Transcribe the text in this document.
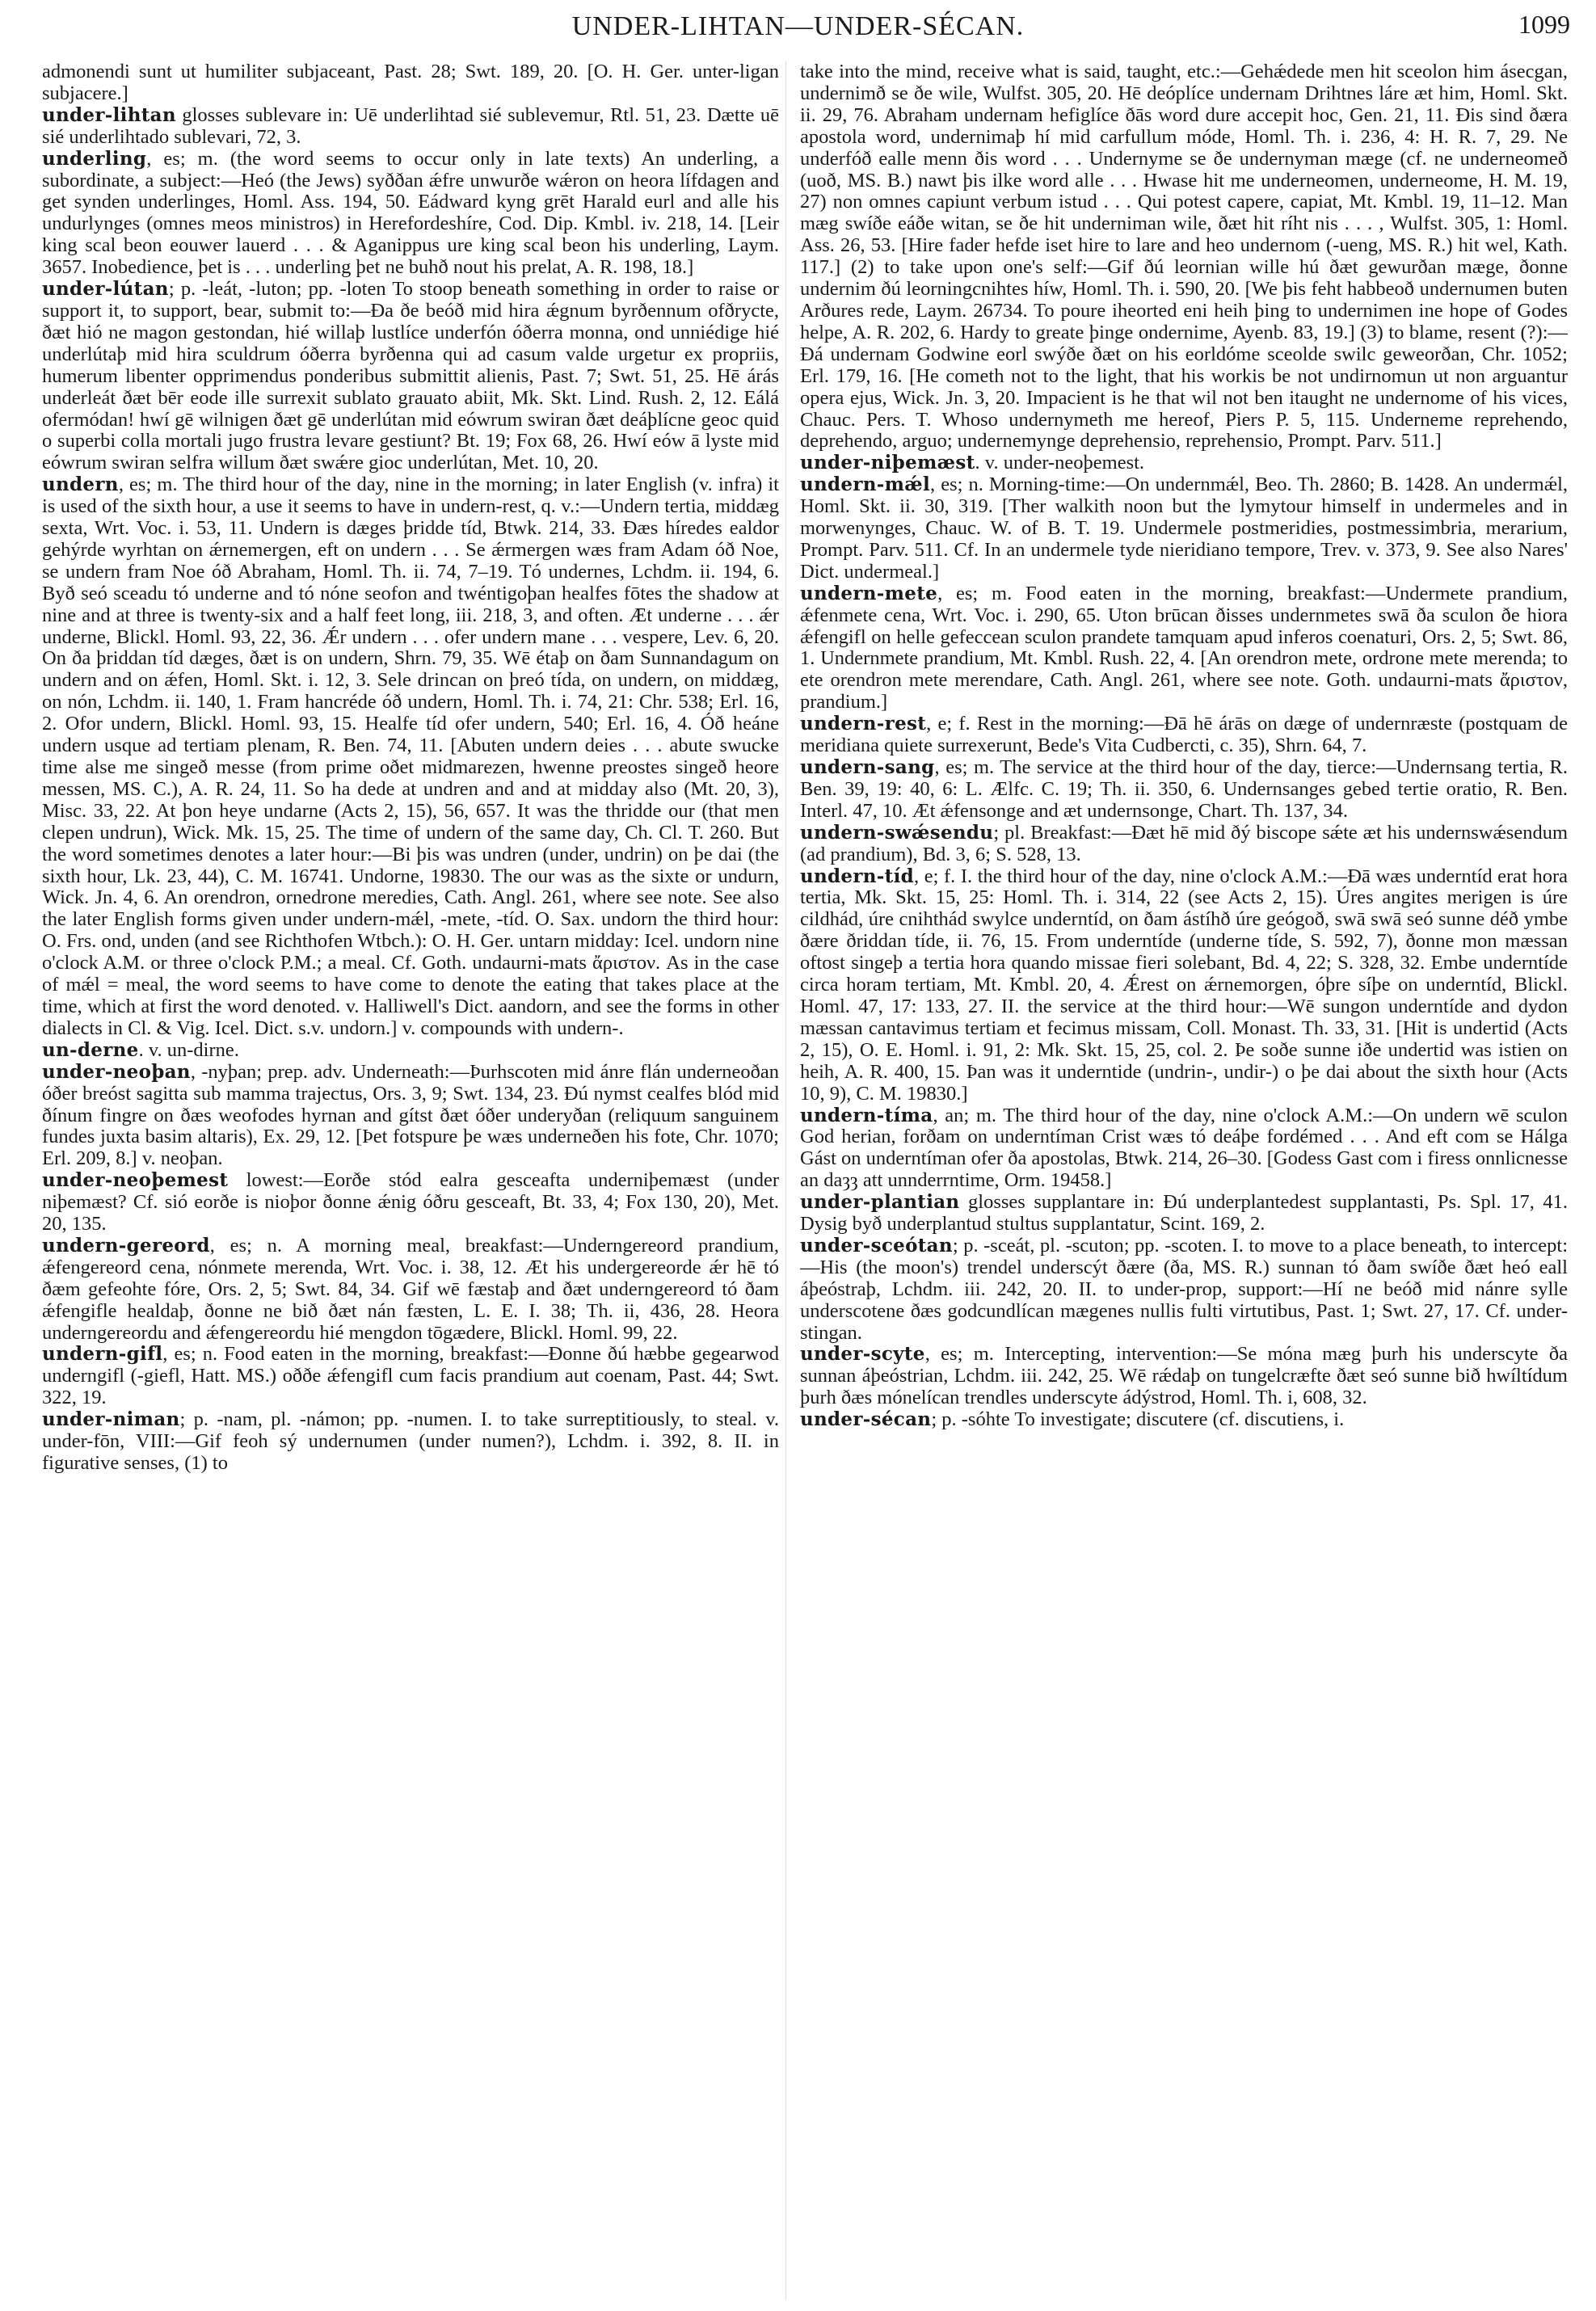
UNDER-LIHTAN—UNDER-SÉCAN.	1099

admonendi sunt ut humiliter subjaceant, Past. 28; Swt. 189, 20. [O. H. Ger. unter-ligan subjacere.]

under-lihtan glosses sublevare in: Uē underlihtad sié sublevemur, Rtl. 51, 23. Dætte uē sié underlihtado sublevari, 72, 3.

underling, es; m. (the word seems to occur only in late texts) An underling, a subordinate, a subject:—Heó (the Jews) syððan ǽfre unwurðe wǽron on heora lífdagen and get synden underlinges, Homl. Ass. 194, 50. Eádward kyng grēt Harald eurl and alle his undurlynges (omnes meos ministros) in Herefordeshíre, Cod. Dip. Kmbl. iv. 218, 14. [Leir king scal beon eouwer lauerd . . . & Aganippus ure king scal beon his underling, Laym. 3657. Inobedience, þet is . . . underling þet ne buhð nout his prelat, A. R. 198, 18.]

under-lútan; p. -leát, -luton; pp. -loten To stoop beneath something in order to raise or support it, to support, bear, submit to:—Ða ðe beóð mid hira ǽgnum byrðennum ofðrycte, ðæt hió ne magon gestondan, hié willaþ lustlíce underfón óðerra monna, ond unniédige hié underlútaþ mid hira sculdrum óðerra byrðenna qui ad casum valde urgetur ex propriis, humerum libenter opprimendus ponderibus submittit alienis, Past. 7; Swt. 51, 25. Hē árás underleát ðæt bēr eode ille surrexit sublato grauato abiit, Mk. Skt. Lind. Rush. 2, 12. Eálá ofermódan! hwí gē wilnigen ðæt gē underlútan mid eówrum swiran ðæt deáþlícne geoc quid o superbi colla mortali jugo frustra levare gestiunt? Bt. 19; Fox 68, 26. Hwí eów ā lyste mid eówrum swiran selfra willum ðæt swǽre gioc underlútan, Met. 10, 20.

undern, es; m. The third hour of the day, nine in the morning; in later English (v. infra) it is used of the sixth hour, a use it seems to have in undern-rest, q. v.:—Undern tertia, middæg sexta, Wrt. Voc. i. 53, 11. Undern is dæges þridde tíd, Btwk. 214, 33. Ðæs híredes ealdor gehýrde wyrhtan on ǽrnemergen, eft on undern . . . Se ǽrmergen wæs fram Adam óð Noe, se undern fram Noe óð Abraham, Homl. Th. ii. 74, 7–19. Tó undernes, Lchdm. ii. 194, 6. Byð seó sceadu tó underne and tó nóne seofon and twéntigoþan healfes fōtes the shadow at nine and at three is twenty-six and a half feet long, iii. 218, 3, and often. Æt underne . . . ǽr underne, Blickl. Homl. 93, 22, 36. Ǽr undern . . . ofer undern mane . . . vespere, Lev. 6, 20. On ða þriddan tíd dæges, ðæt is on undern, Shrn. 79, 35. Wē étaþ on ðam Sunnandagum on undern and on ǽfen, Homl. Skt. i. 12, 3. Sele drincan on þreó tída, on undern, on middæg, on nón, Lchdm. ii. 140, 1. Fram hancréde óð undern, Homl. Th. i. 74, 21: Chr. 538; Erl. 16, 2. Ofor undern, Blickl. Homl. 93, 15. Healfe tíd ofer undern, 540; Erl. 16, 4. Óð heáne undern usque ad tertiam plenam, R. Ben. 74, 11. [Abuten undern deies . . . abute swucke time alse me singeð messe (from prime oðet midmarezen, hwenne preostes singeð heore messen, MS. C.), A. R. 24, 11. So ha dede at undren and and at midday also (Mt. 20, 3), Misc. 33, 22. At þon heye undarne (Acts 2, 15), 56, 657. It was the thridde our (that men clepen undrun), Wick. Mk. 15, 25. The time of undern of the same day, Ch. Cl. T. 260. But the word sometimes denotes a later hour:—Bi þis was undren (under, undrin) on þe dai (the sixth hour, Lk. 23, 44), C. M. 16741. Undorne, 19830. The our was as the sixte or undurn, Wick. Jn. 4, 6. An orendron, ornedrone meredies, Cath. Angl. 261, where see note. See also the later English forms given under undern-mǽl, -mete, -tíd. O. Sax. undorn the third hour: O. Frs. ond, unden (and see Richthofen Wtbch.): O. H. Ger. untarn midday: Icel. undorn nine o'clock A.M. or three o'clock P.M.; a meal. Cf. Goth. undaurni-mats ἄριστον. As in the case of mǽl = meal, the word seems to have come to denote the eating that takes place at the time, which at first the word denoted. v. Halliwell's Dict. aandorn, and see the forms in other dialects in Cl. & Vig. Icel. Dict. s.v. undorn.] v. compounds with undern-.

un-derne. v. un-dirne.

under-neoþan, -nyþan; prep. adv. Underneath:—Þurhscoten mid ánre flán underneoðan óðer breóst sagitta sub mamma trajectus, Ors. 3, 9; Swt. 134, 23. Ðú nymst cealfes blód mid ðínum fingre on ðæs weofodes hyrnan and gítst ðæt óðer underyðan (reliquum sanguinem fundes juxta basim altaris), Ex. 29, 12. [Þet fotspure þe wæs underneðen his fote, Chr. 1070; Erl. 209, 8.] v. neoþan.

under-neoþemest lowest:—Eorðe stód ealra gesceafta underniþemæst (under niþemæst? Cf. sió eorðe is nioþor ðonne ǽnig óðru gesceaft, Bt. 33, 4; Fox 130, 20), Met. 20, 135.

undern-gereord, es; n. A morning meal, breakfast:—Underngereord prandium, ǽfengereord cena, nónmete merenda, Wrt. Voc. i. 38, 12. Æt his undergereorde ǽr hē tó ðæm gefeohte fóre, Ors. 2, 5; Swt. 84, 34. Gif wē fæstaþ and ðæt underngereord tó ðam ǽfengifle healdaþ, ðonne ne bið ðæt nán fæsten, L. E. I. 38; Th. ii, 436, 28. Heora underngereordu and ǽfengereordu hié mengdon tōgædere, Blickl. Homl. 99, 22.

undern-gifl, es; n. Food eaten in the morning, breakfast:—Ðonne ðú hæbbe gegearwod underngifl (-giefl, Hatt. MS.) oððe ǽfengifl cum facis prandium aut coenam, Past. 44; Swt. 322, 19.

under-niman; p. -nam, pl. -námon; pp. -numen. I. to take surreptitiously, to steal. v. under-fōn, VIII:—Gif feoh sý undernumen (under numen?), Lchdm. i. 392, 8. II. in figurative senses, (1) to

take into the mind, receive what is said, taught, etc.:—Gehǽdede men hit sceolon him ásecgan, undernimð se ðe wile, Wulfst. 305, 20. Hē deóplíce undernam Drihtnes láre æt him, Homl. Skt. ii. 29, 76. Abraham undernam hefiglíce ðās word dure accepit hoc, Gen. 21, 11. Ðis sind ðæra apostola word, undernimaþ hí mid carfullum móde, Homl. Th. i. 236, 4: H. R. 7, 29. Ne underfóð ealle menn ðis word . . . Undernyme se ðe undernyman mæge (cf. ne underneomeð (uoð, MS. B.) nawt þis ilke word alle . . . Hwase hit me underneomen, underneome, H. M. 19, 27) non omnes capiunt verbum istud . . . Qui potest capere, capiat, Mt. Kmbl. 19, 11–12. Man mæg swíðe eáðe witan, se ðe hit underniman wile, ðæt hit ríht nis . . . , Wulfst. 305, 1: Homl. Ass. 26, 53. [Hire fader hefde iset hire to lare and heo undernom (-ueng, MS. R.) hit wel, Kath. 117.] (2) to take upon one's self:—Gif ðú leornian wille hú ðæt gewurðan mæge, ðonne undernim ðú leorningcnihtes híw, Homl. Th. i. 590, 20. [We þis feht habbeoð undernumen buten Arðures rede, Laym. 26734. To poure iheorted eni heih þing to undernimen ine hope of Godes helpe, A. R. 202, 6. Hardy to greate þinge ondernime, Ayenb. 83, 19.] (3) to blame, resent (?):—Ðá undernam Godwine eorl swýðe ðæt on his eorldóme sceolde swilc geweorðan, Chr. 1052; Erl. 179, 16. [He cometh not to the light, that his workis be not undirnomun ut non arguantur opera ejus, Wick. Jn. 3, 20. Impacient is he that wil not ben itaught ne undernome of his vices, Chauc. Pers. T. Whoso undernymeth me hereof, Piers P. 5, 115. Underneme reprehendo, deprehendo, arguo; undernemynge deprehensio, reprehensio, Prompt. Parv. 511.]

under-niþemæst. v. under-neoþemest.

undern-mǽl, es; n. Morning-time:—On undernmǽl, Beo. Th. 2860; B. 1428. An undermǽl, Homl. Skt. ii. 30, 319. [Ther walkith noon but the lymytour himself in undermeles and in morwenynges, Chauc. W. of B. T. 19. Undermele postmeridies, postmessimbria, merarium, Prompt. Parv. 511. Cf. In an undermele tyde nieridiano tempore, Trev. v. 373, 9. See also Nares' Dict. undermeal.]

undern-mete, es; m. Food eaten in the morning, breakfast:—Undermete prandium, ǽfenmete cena, Wrt. Voc. i. 290, 65. Uton brūcan ðisses undernmetes swā ða sculon ðe hiora ǽfengifl on helle gefeccean sculon prandete tamquam apud inferos coenaturi, Ors. 2, 5; Swt. 86, 1. Undernmete prandium, Mt. Kmbl. Rush. 22, 4. [An orendron mete, ordrone mete merenda; to ete orendron mete merendare, Cath. Angl. 261, where see note. Goth. undaurni-mats ἄριστον, prandium.]

undern-rest, e; f. Rest in the morning:—Ðā hē árās on dæge of undernræste (postquam de meridiana quiete surrexerunt, Bede's Vita Cudbercti, c. 35), Shrn. 64, 7.

undern-sang, es; m. The service at the third hour of the day, tierce:—Undernsang tertia, R. Ben. 39, 19: 40, 6: L. Ælfc. C. 19; Th. ii. 350, 6. Undernsanges gebed tertie oratio, R. Ben. Interl. 47, 10. Æt ǽfensonge and æt undernsonge, Chart. Th. 137, 34.

undern-swǽsendu; pl. Breakfast:—Ðæt hē mid ðý biscope sǽte æt his undernswǽsendum (ad prandium), Bd. 3, 6; S. 528, 13.

undern-tíd, e; f. I. the third hour of the day, nine o'clock A.M.:—Ðā wæs underntíd erat hora tertia, Mk. Skt. 15, 25: Homl. Th. i. 314, 22 (see Acts 2, 15). Úres angites merigen is úre cildhád, úre cnihthád swylce underntíd, on ðam ástíhð úre geógoð, swā swā seó sunne déð ymbe ðære ðriddan tíde, ii. 76, 15. From underntíde (underne tíde, S. 592, 7), ðonne mon mæssan oftost singeþ a tertia hora quando missae fieri solebant, Bd. 4, 22; S. 328, 32. Embe underntíde circa horam tertiam, Mt. Kmbl. 20, 4. Ǽrest on ǽrnemorgen, óþre síþe on underntíd, Blickl. Homl. 47, 17: 133, 27. II. the service at the third hour:—Wē sungon underntíde and dydon mæssan cantavimus tertiam et fecimus missam, Coll. Monast. Th. 33, 31. [Hit is undertid (Acts 2, 15), O. E. Homl. i. 91, 2: Mk. Skt. 15, 25, col. 2. Þe soðe sunne iðe undertid was istien on heih, A. R. 400, 15. Þan was it underntide (undrin-, undir-) o þe dai about the sixth hour (Acts 10, 9), C. M. 19830.]

undern-tíma, an; m. The third hour of the day, nine o'clock A.M.:—On undern wē sculon God herian, forðam on underntíman Crist wæs tó deáþe fordémed . . . And eft com se Hálga Gást on underntíman ofer ða apostolas, Btwk. 214, 26–30. [Godess Gast com i firess onnlicnesse an daȝȝ att unnderrntime, Orm. 19458.]

under-plantian glosses supplantare in: Ðú underplantedest supplantasti, Ps. Spl. 17, 41. Dysig byð underplantud stultus supplantatur, Scint. 169, 2.

under-sceótan; p. -sceát, pl. -scuton; pp. -scoten. I. to move to a place beneath, to intercept:—His (the moon's) trendel underscýt ðære (ða, MS. R.) sunnan tó ðam swíðe ðæt heó eall áþeóstraþ, Lchdm. iii. 242, 20. II. to under-prop, support:—Hí ne beóð mid nánre sylle underscotene ðæs godcundlícan mægenes nullis fulti virtutibus, Past. 1; Swt. 27, 17. Cf. under-stingan.

under-scyte, es; m. Intercepting, intervention:—Se móna mæg þurh his underscyte ða sunnan áþeóstrian, Lchdm. iii. 242, 25. Wē rǽdaþ on tungelcræfte ðæt seó sunne bið hwíltídum þurh ðæs mónelícan trendles underscyte ádýstrod, Homl. Th. i, 608, 32.

under-sécan; p. -sóhte To investigate; discutere (cf. discutiens, i.
